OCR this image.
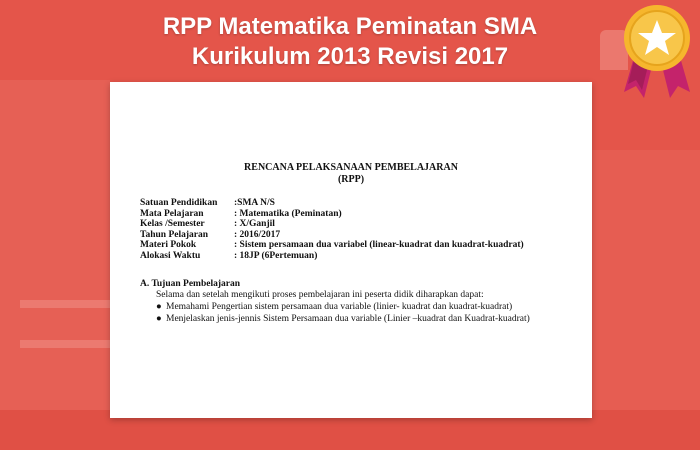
RPP Matematika Peminatan SMA
Kurikulum 2013 Revisi 2017
RENCANA PELAKSANAAN PEMBELAJARAN
(RPP)
Satuan Pendidikan	:SMA N/S
Mata Pelajaran	: Matematika (Peminatan)
Kelas /Semester	: X/Ganjil
Tahun Pelajaran	: 2016/2017
Materi Pokok	: Sistem persamaan dua variabel (linear-kuadrat dan kuadrat-kuadrat)
Alokasi Waktu	: 18JP (6Pertemuan)
A. Tujuan Pembelajaran
Selama dan setelah mengikuti proses pembelajaran ini peserta didik diharapkan dapat:
● Memahami Pengertian sistem persamaan dua variable (linier- kuadrat dan kuadrat-kuadrat)
● Menjelaskan jenis-jennis Sistem Persamaan dua variable (Linier –kuadrat dan Kuadrat-kuadrat)
